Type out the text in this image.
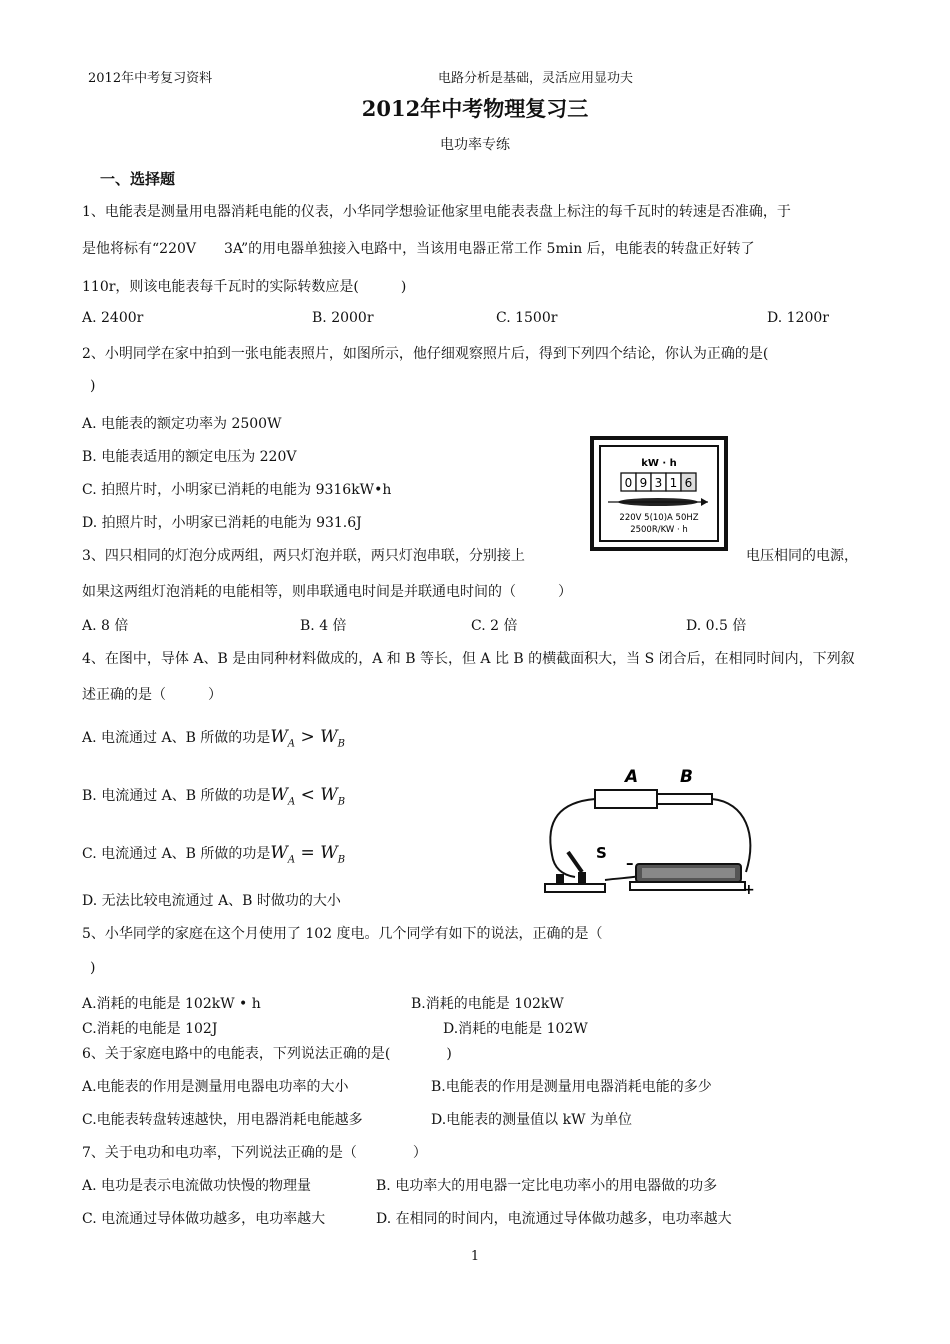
2012年中考复习资料	电路分析是基础，灵活应用显功夫
2012年中考物理复习三
电功率专练
一、选择题
1、电能表是测量用电器消耗电能的仪表，小华同学想验证他家里电能表表盘上标注的每千瓦时的转速是否准确，于
是他将标有“220V　　3A”的用电器单独接入电路中，当该用电器正常工作 5min 后，电能表的转盘正好转了
110r，则该电能表每千瓦时的实际转数应是(　　　)
A. 2400r	B. 2000r	C. 1500r	D. 1200r
2、小明同学在家中拍到一张电能表照片，如图所示，他仔细观察照片后，得到下列四个结论，你认为正确的是(
)
A. 电能表的额定功率为 2500W
B. 电能表适用的额定电压为 220V
C. 拍照片时，小明家已消耗的电能为 9316kW•h
D. 拍照片时，小明家已消耗的电能为 931.6J
kW · h
0 9 3 1 6
220V 5(10)A 50HZ
2500R/KW · h
3、四只相同的灯泡分成两组，两只灯泡并联，两只灯泡串联，分别接上	电压相同的电源，
如果这两组灯泡消耗的电能相等，则串联通电时间是并联通电时间的（　　　）
A. 8 倍	B. 4 倍	C. 2 倍	D. 0.5 倍
4、在图中，导体 A、B 是由同种材料做成的，A 和 B 等长，但 A 比 B 的横截面积大，当 S 闭合后，在相同时间内，下列叙
述正确的是（　　　）
A. 电流通过 A、B 所做的功是$W_A > W_B$
B. 电流通过 A、B 所做的功是$W_A < W_B$
C. 电流通过 A、B 所做的功是$W_A = W_B$
D. 无法比较电流通过 A、B 时做功的大小
A B
S
–
+
5、小华同学的家庭在这个月使用了 102 度电。几个同学有如下的说法，正确的是（
)
A.消耗的电能是 102kW • h	B.消耗的电能是 102kW
C.消耗的电能是 102J	D.消耗的电能是 102W
6、关于家庭电路中的电能表，下列说法正确的是(　　　　)
A.电能表的作用是测量用电器电功率的大小	B.电能表的作用是测量用电器消耗电能的多少
C.电能表转盘转速越快，用电器消耗电能越多	D.电能表的测量值以 kW 为单位
7、关于电功和电功率，下列说法正确的是（　　　　）
A. 电功是表示电流做功快慢的物理量	B. 电功率大的用电器一定比电功率小的用电器做的功多
C. 电流通过导体做功越多，电功率越大	D. 在相同的时间内，电流通过导体做功越多，电功率越大
1
